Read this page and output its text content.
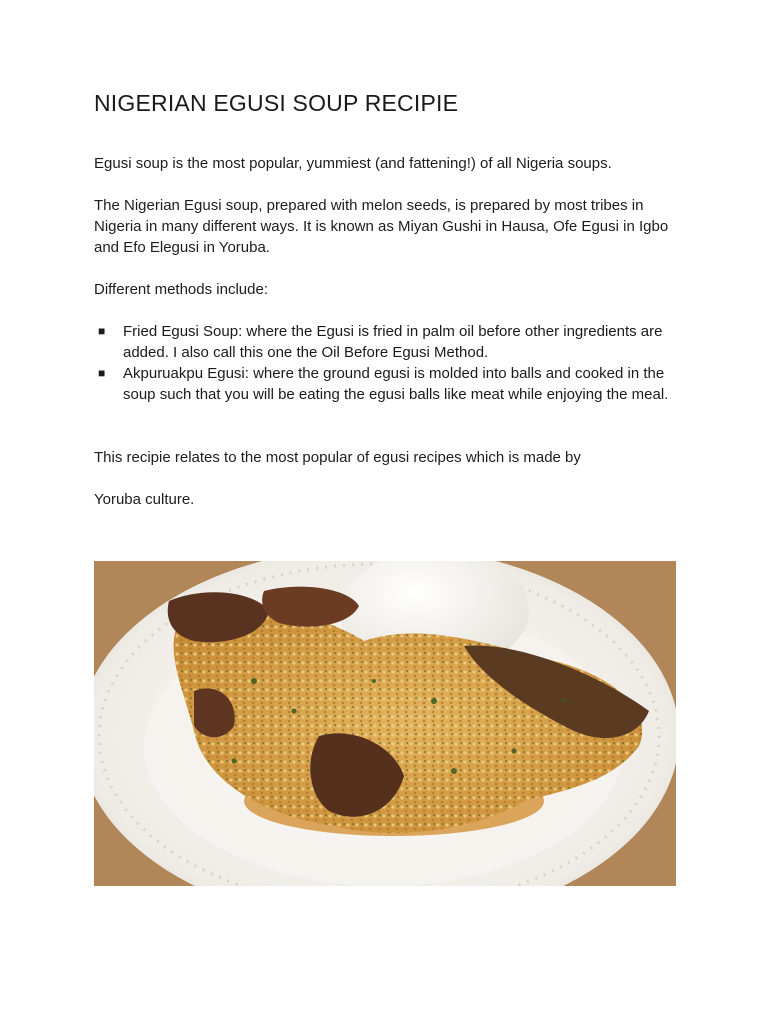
NIGERIAN EGUSI SOUP RECIPIE

Egusi soup is the most popular, yummiest (and fattening!) of all Nigeria soups.

The Nigerian Egusi soup, prepared with melon seeds, is prepared by most tribes in Nigeria in many different ways. It is known as Miyan Gushi in Hausa, Ofe Egusi in Igbo and Efo Elegusi in Yoruba.

Different methods include:

■ Fried Egusi Soup: where the Egusi is fried in palm oil before other ingredients are added. I also call this one the Oil Before Egusi Method.
■ Akpuruakpu Egusi: where the ground egusi is molded into balls and cooked in the soup such that you will be eating the egusi balls like meat while enjoying the meal.

This recipie relates to the most popular of egusi recipes which is made by

Yoruba culture.
